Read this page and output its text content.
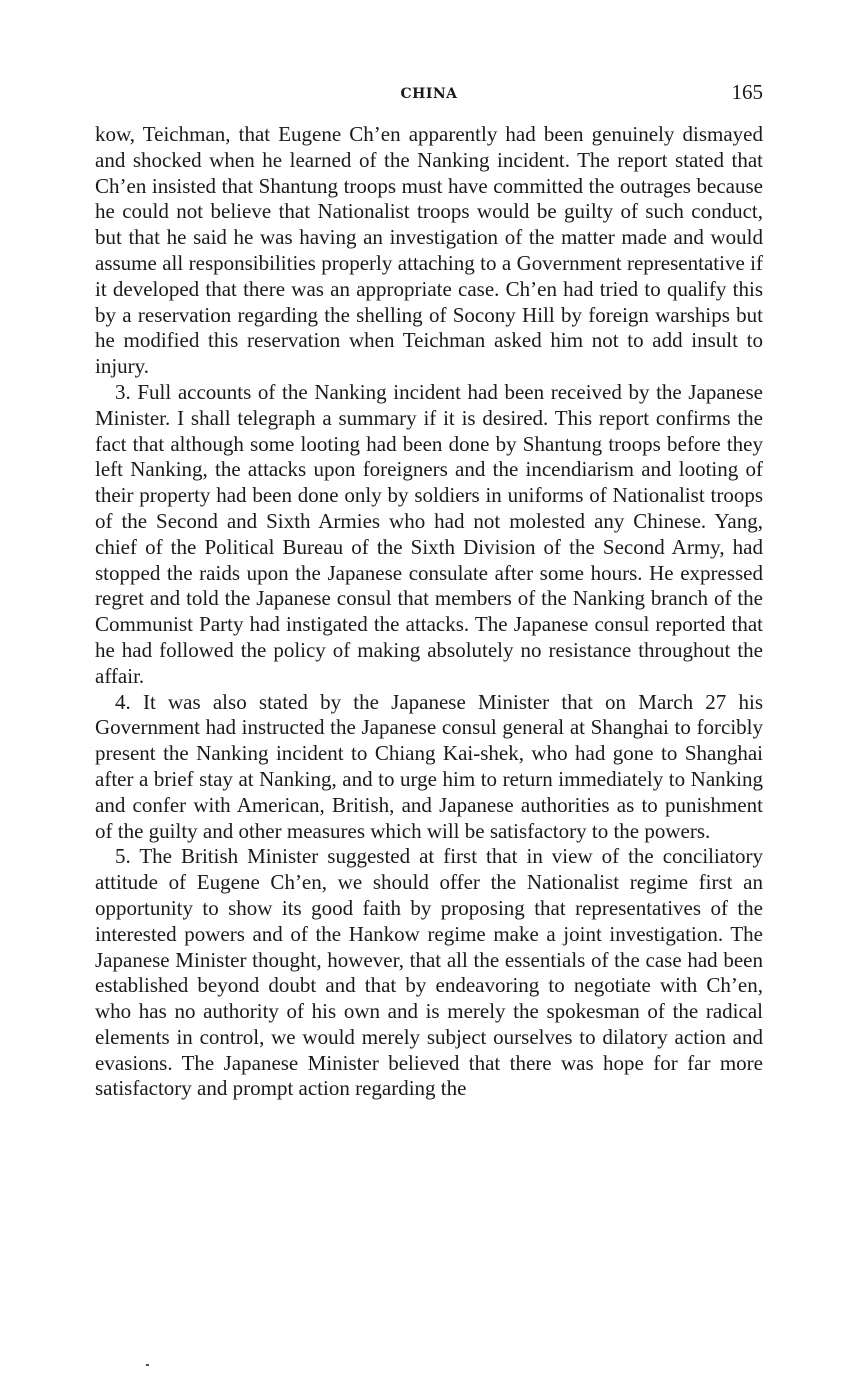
CHINA	165

kow, Teichman, that Eugene Ch’en apparently had been genuinely dismayed and shocked when he learned of the Nanking incident. The report stated that Ch’en insisted that Shantung troops must have committed the outrages because he could not believe that Nationalist troops would be guilty of such conduct, but that he said he was having an investigation of the matter made and would assume all responsibilities properly attaching to a Government representative if it developed that there was an appropriate case. Ch’en had tried to qualify this by a reservation regarding the shelling of Socony Hill by foreign warships but he modified this reservation when Teichman asked him not to add insult to injury.

3. Full accounts of the Nanking incident had been received by the Japanese Minister. I shall telegraph a summary if it is desired. This report confirms the fact that although some looting had been done by Shantung troops before they left Nanking, the attacks upon foreigners and the incendiarism and looting of their property had been done only by soldiers in uniforms of Nationalist troops of the Second and Sixth Armies who had not molested any Chinese. Yang, chief of the Political Bureau of the Sixth Division of the Second Army, had stopped the raids upon the Japanese consulate after some hours. He expressed regret and told the Japanese consul that members of the Nanking branch of the Communist Party had instigated the attacks. The Japanese consul reported that he had followed the policy of making absolutely no resistance throughout the affair.

4. It was also stated by the Japanese Minister that on March 27 his Government had instructed the Japanese consul general at Shanghai to forcibly present the Nanking incident to Chiang Kai-shek, who had gone to Shanghai after a brief stay at Nanking, and to urge him to return immediately to Nanking and confer with American, British, and Japanese authorities as to punishment of the guilty and other measures which will be satisfactory to the powers.

5. The British Minister suggested at first that in view of the conciliatory attitude of Eugene Ch’en, we should offer the Nationalist regime first an opportunity to show its good faith by proposing that representatives of the interested powers and of the Hankow regime make a joint investigation. The Japanese Minister thought, however, that all the essentials of the case had been established beyond doubt and that by endeavoring to negotiate with Ch’en, who has no authority of his own and is merely the spokesman of the radical elements in control, we would merely subject ourselves to dilatory action and evasions. The Japanese Minister believed that there was hope for far more satisfactory and prompt action regarding the
